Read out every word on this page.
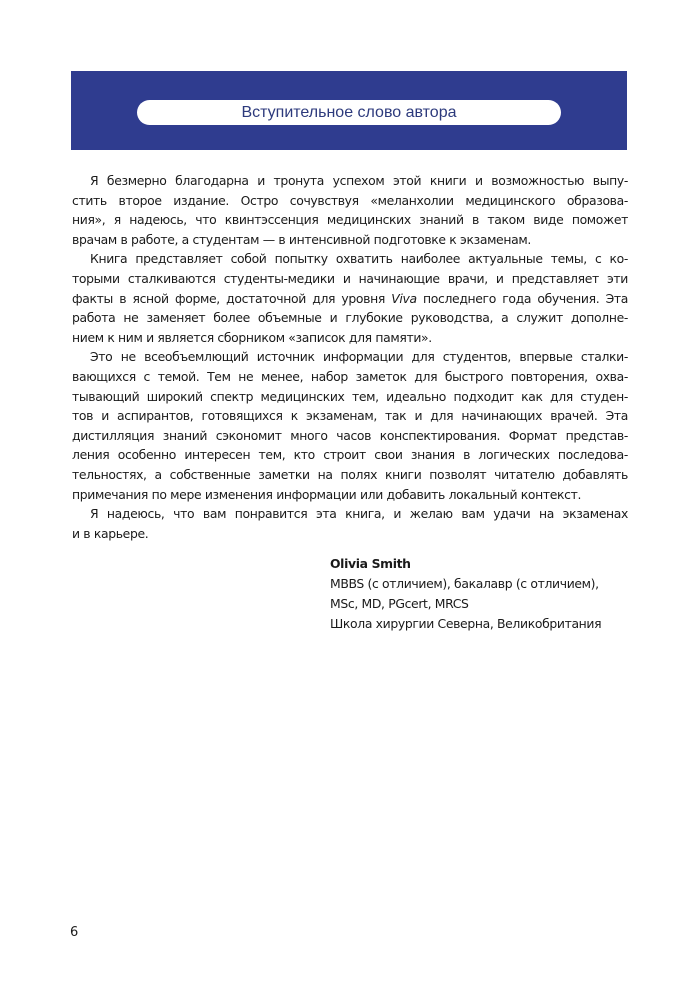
Вступительное слово автора

Я безмерно благодарна и тронута успехом этой книги и возможностью выпу-
стить второе издание. Остро сочувствуя «меланхолии медицинского образова-
ния», я надеюсь, что квинтэссенция медицинских знаний в таком виде поможет
врачам в работе, а студентам — в интенсивной подготовке к экзаменам.

Книга представляет собой попытку охватить наиболее актуальные темы, с ко-
торыми сталкиваются студенты-медики и начинающие врачи, и представляет эти
факты в ясной форме, достаточной для уровня Viva последнего года обучения. Эта
работа не заменяет более объемные и глубокие руководства, а служит дополне-
нием к ним и является сборником «записок для памяти».

Это не всеобъемлющий источник информации для студентов, впервые сталки-
вающихся с темой. Тем не менее, набор заметок для быстрого повторения, охва-
тывающий широкий спектр медицинских тем, идеально подходит как для студен-
тов и аспирантов, готовящихся к экзаменам, так и для начинающих врачей. Эта
дистилляция знаний сэкономит много часов конспектирования. Формат представ-
ления особенно интересен тем, кто строит свои знания в логических последова-
тельностях, а собственные заметки на полях книги позволят читателю добавлять
примечания по мере изменения информации или добавить локальный контекст.

Я надеюсь, что вам понравится эта книга, и желаю вам удачи на экзаменах
и в карьере.

Olivia Smith
MBBS (с отличием), бакалавр (с отличием),
MSc, MD, PGcert, MRCS
Школа хирургии Северна, Великобритания
6
